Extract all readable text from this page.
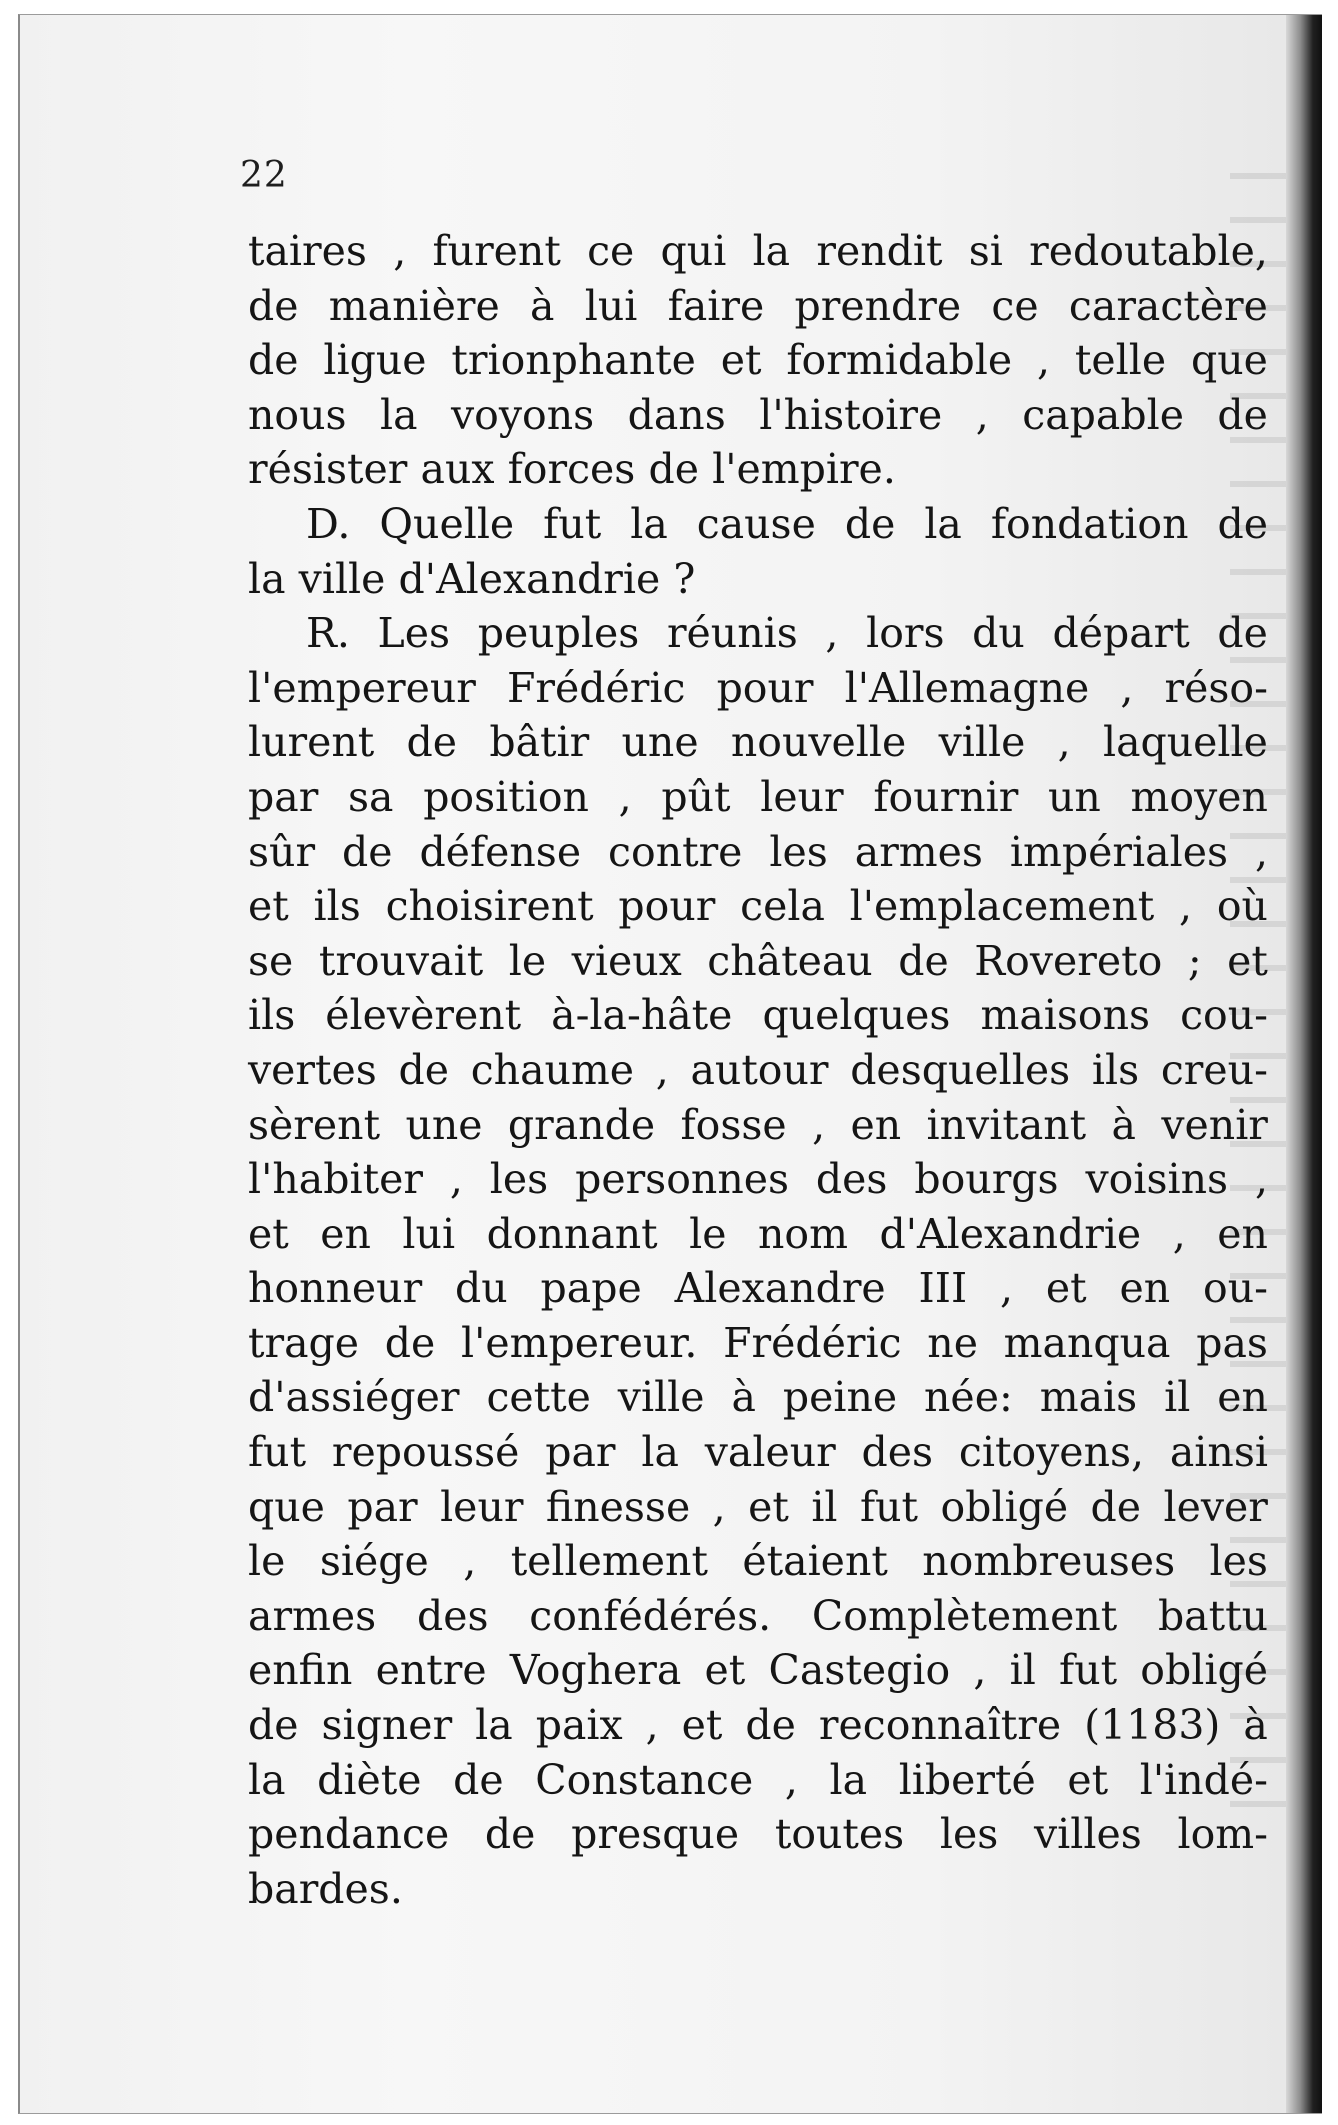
22
taires , furent ce qui la rendit si redoutable,
de manière à lui faire prendre ce caractère
de ligue trionphante et formidable , telle que
nous la voyons dans l'histoire , capable de
résister aux forces de l'empire.
D. Quelle fut la cause de la fondation de
la ville d'Alexandrie ?
R. Les peuples réunis , lors du départ de
l'empereur Frédéric pour l'Allemagne , réso-
lurent de bâtir une nouvelle ville , laquelle
par sa position , pût leur fournir un moyen
sûr de défense contre les armes impériales ,
et ils choisirent pour cela l'emplacement , où
se trouvait le vieux château de Rovereto ; et
ils élevèrent à-la-hâte quelques maisons cou-
vertes de chaume , autour desquelles ils creu-
sèrent une grande fosse , en invitant à venir
l'habiter , les personnes des bourgs voisins ,
et en lui donnant le nom d'Alexandrie , en
honneur du pape Alexandre III , et en ou-
trage de l'empereur. Frédéric ne manqua pas
d'assiéger cette ville à peine née: mais il en
fut repoussé par la valeur des citoyens, ainsi
que par leur finesse , et il fut obligé de lever
le siége , tellement étaient nombreuses les
armes des confédérés. Complètement battu
enfin entre Voghera et Castegio , il fut obligé
de signer la paix , et de reconnaître (1183) à
la diète de Constance , la liberté et l'indé-
pendance de presque toutes les villes lom-
bardes.
